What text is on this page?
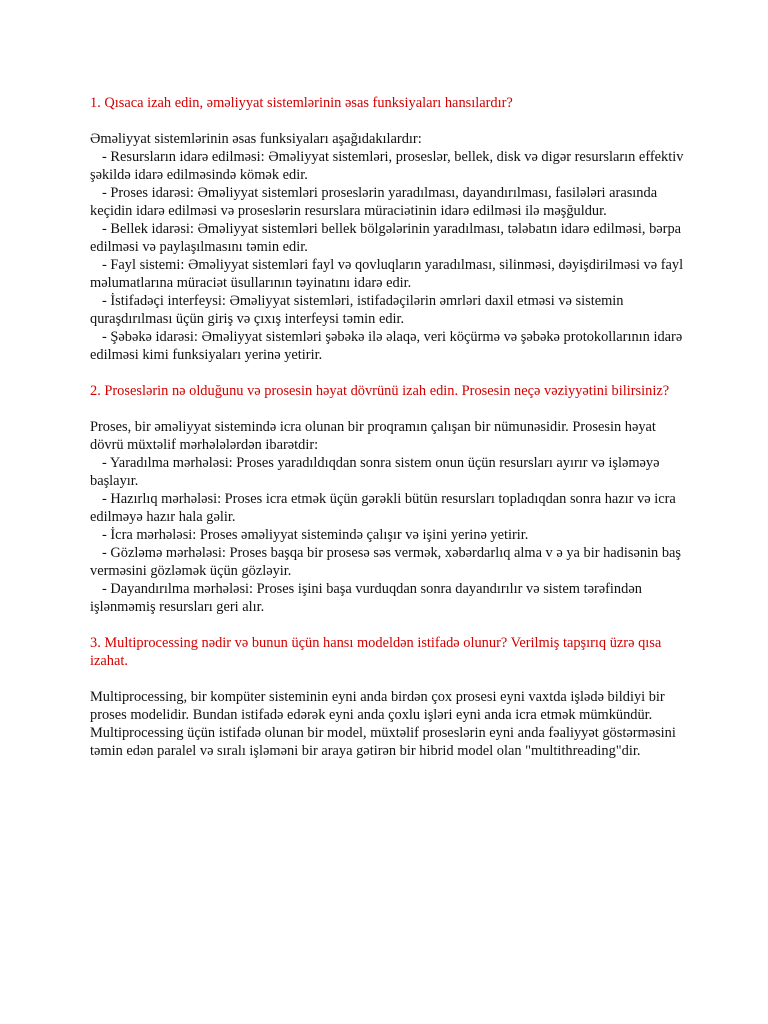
1. Qısaca izah edin, əməliyyat sistemlərinin əsas funksiyaları hansılardır?

Əməliyyat sistemlərinin əsas funksiyaları aşağıdakılardır:

- Resursların idarə edilməsi: Əməliyyat sistemləri, proseslər, bellek, disk və digər resursların effektiv şəkildə idarə edilməsində kömək edir.
- Proses idarəsi: Əməliyyat sistemləri proseslərin yaradılması, dayandırılması, fasilələri arasında keçidin idarə edilməsi və proseslərin resurslara müraciətinin idarə edilməsi ilə məşğuldur.
- Bellek idarəsi: Əməliyyat sistemləri bellek bölgələrinin yaradılması, tələbatın idarə edilməsi, bərpa edilməsi və paylaşılmasını təmin edir.
- Fayl sistemi: Əməliyyat sistemləri fayl və qovluqların yaradılması, silinməsi, dəyişdirilməsi və fayl məlumatlarına müraciət üsullarının təyinatını idarə edir.
- İstifadəçi interfeysi: Əməliyyat sistemləri, istifadəçilərin əmrləri daxil etməsi və sistemin quraşdırılması üçün giriş və çıxış interfeysi təmin edir.
- Şəbəkə idarəsi: Əməliyyat sistemləri şəbəkə ilə əlaqə, veri köçürmə və şəbəkə protokollarının idarə edilməsi kimi funksiyaları yerinə yetirir.

2. Proseslərin nə olduğunu və prosesin həyat dövrünü izah edin. Prosesin neçə vəziyyətini bilirsiniz?

Proses, bir əməliyyat sistemində icra olunan bir proqramın çalışan bir nümunəsidir. Prosesin həyat dövrü müxtəlif mərhələlərdən ibarətdir:

- Yaradılma mərhələsi: Proses yaradıldıqdan sonra sistem onun üçün resursları ayırır və işləməyə başlayır.
- Hazırlıq mərhələsi: Proses icra etmək üçün gərəkli bütün resursları topladıqdan sonra hazır və icra edilməyə hazır hala gəlir.
- İcra mərhələsi: Proses əməliyyat sistemində çalışır və işini yerinə yetirir.
- Gözləmə mərhələsi: Proses başqa bir prosesə səs vermək, xəbərdarlıq alma v ə ya bir hadisənin baş verməsini gözləmək üçün gözləyir.
- Dayandırılma mərhələsi: Proses işini başa vurduqdan sonra dayandırılır və sistem tərəfindən işlənməmiş resursları geri alır.

3. Multiprocessing nədir və bunun üçün hansı modeldən istifadə olunur? Verilmiş tapşırıq üzrə qısa izahat.

Multiprocessing, bir kompüter sisteminin eyni anda birdən çox prosesi eyni vaxtda işlədə bildiyi bir proses modelidir. Bundan istifadə edərək eyni anda çoxlu işləri eyni anda icra etmək mümkündür. Multiprocessing üçün istifadə olunan bir model, müxtəlif proseslərin eyni anda fəaliyyət göstərməsini təmin edən paralel və sıralı işləməni bir araya gətirən bir hibrid model olan "multithreading"dir.
